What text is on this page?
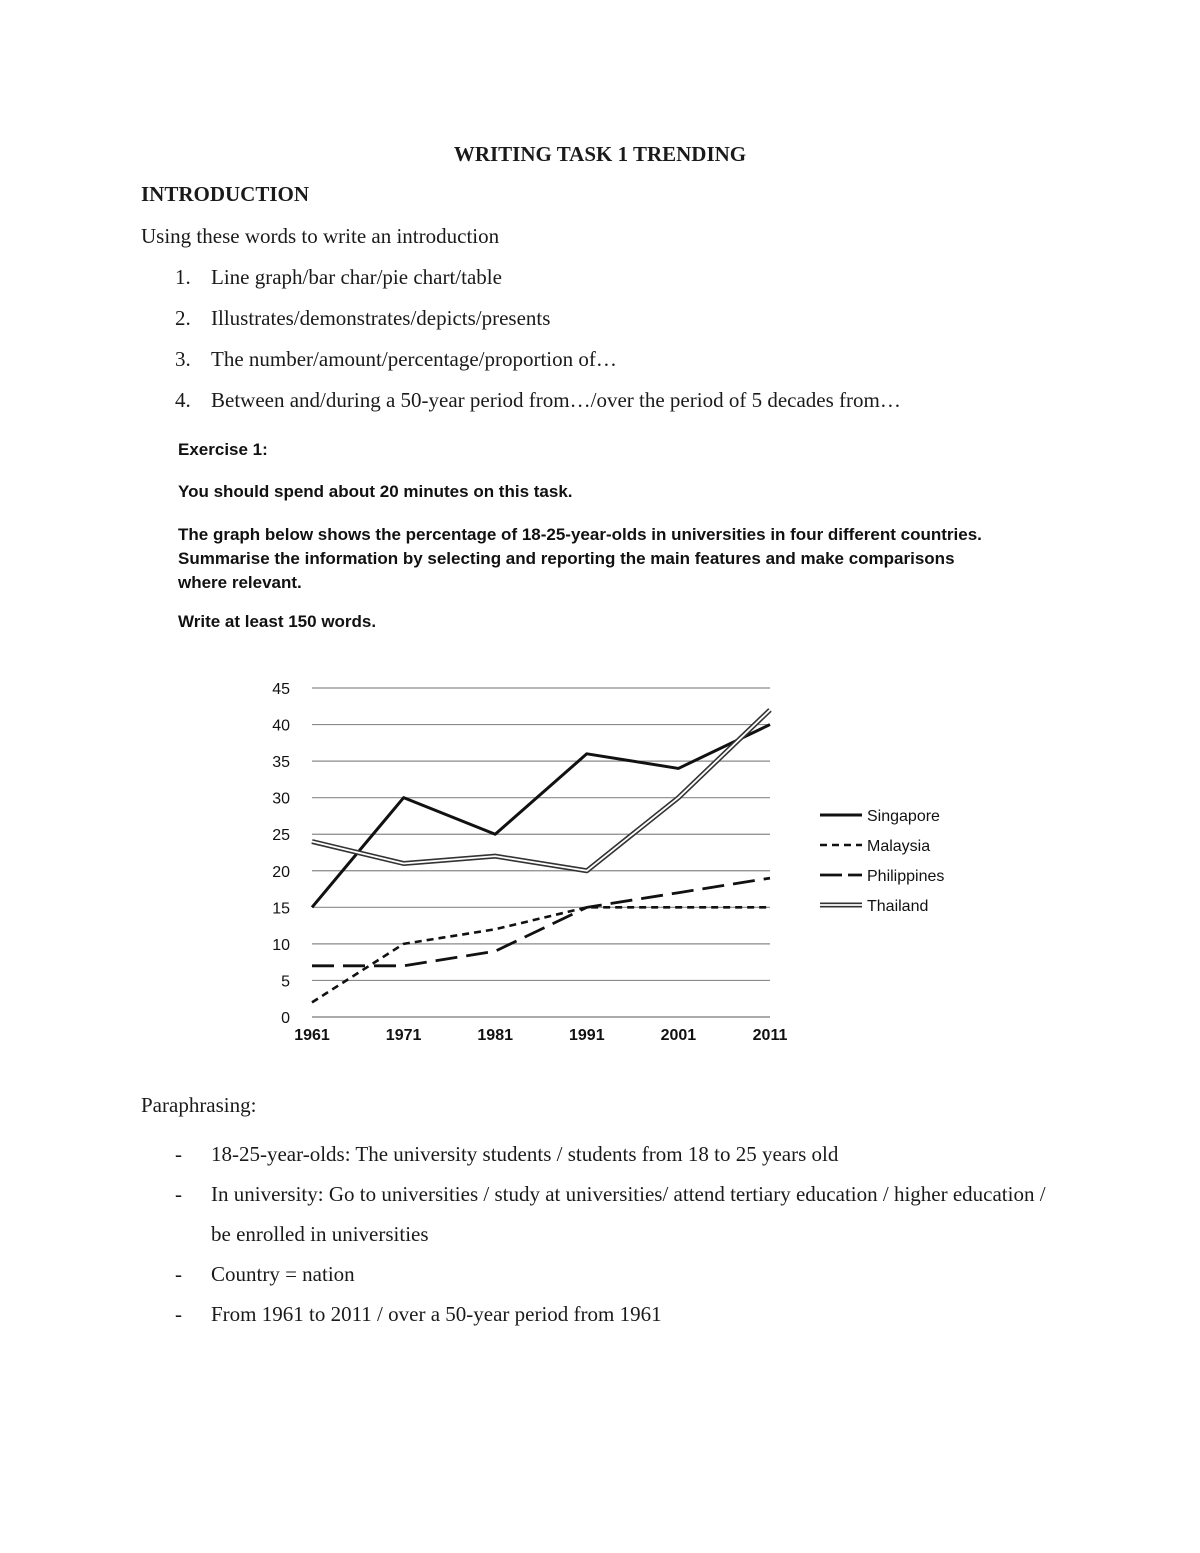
WRITING TASK 1 TRENDING
INTRODUCTION

Using these words to write an introduction

1. Line graph/bar char/pie chart/table
2. Illustrates/demonstrates/depicts/presents
3. The number/amount/percentage/proportion of…
4. Between and/during a 50-year period from…/over the period of 5 decades from…

Exercise 1:

You should spend about 20 minutes on this task.

The graph below shows the percentage of 18-25-year-olds in universities in four different countries. Summarise the information by selecting and reporting the main features and make comparisons where relevant.

Write at least 150 words.

0
5
10
15
20
25
30
35
40
45
1961	1971	1981	1991	2001	2011
Singapore
Malaysia
Philippines
Thailand

Paraphrasing:

- 18-25-year-olds: The university students / students from 18 to 25 years old
- In university: Go to universities / study at universities/ attend tertiary education / higher education / be enrolled in universities
- Country = nation
- From 1961 to 2011 / over a 50-year period from 1961
